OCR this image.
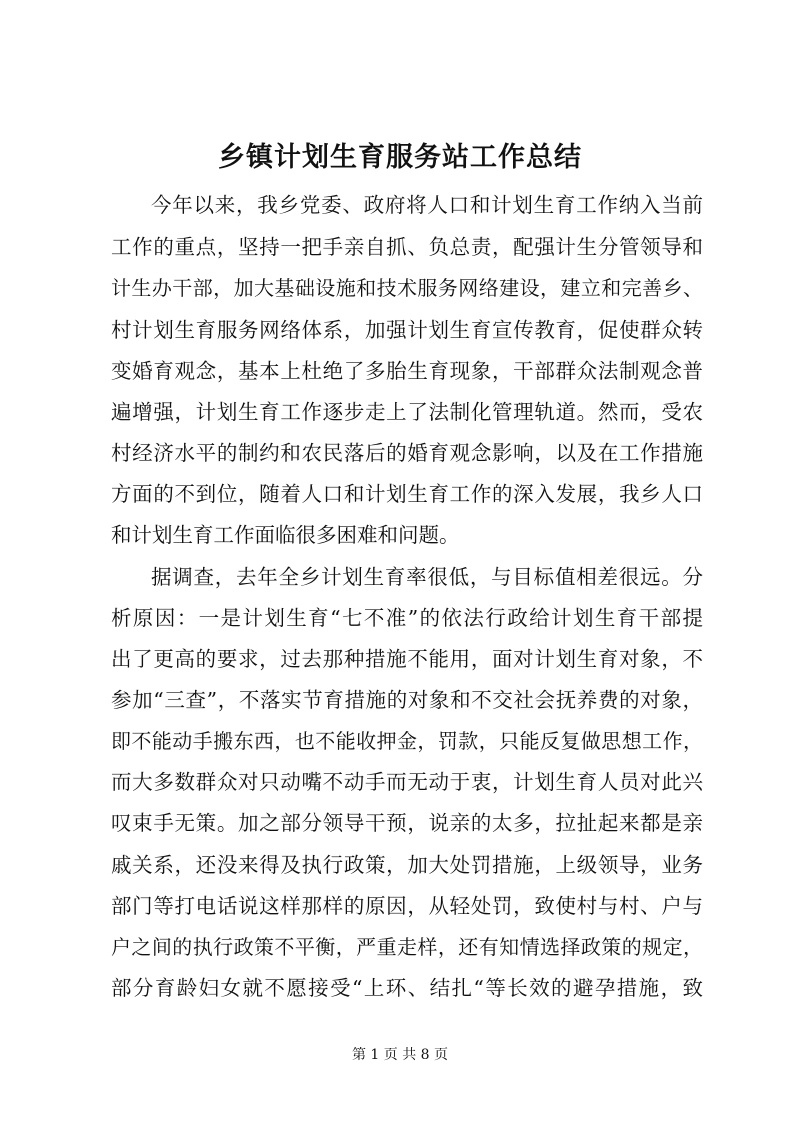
乡镇计划生育服务站工作总结

今年以来，我乡党委、政府将人口和计划生育工作纳入当前

工作的重点，坚持一把手亲自抓、负总责，配强计生分管领导和

计生办干部，加大基础设施和技术服务网络建设，建立和完善乡、

村计划生育服务网络体系，加强计划生育宣传教育，促使群众转

变婚育观念，基本上杜绝了多胎生育现象，干部群众法制观念普

遍增强，计划生育工作逐步走上了法制化管理轨道。然而，受农

村经济水平的制约和农民落后的婚育观念影响，以及在工作措施

方面的不到位，随着人口和计划生育工作的深入发展，我乡人口

和计划生育工作面临很多困难和问题。

据调查，去年全乡计划生育率很低，与目标值相差很远。分

析原因：一是计划生育“七不准”的依法行政给计划生育干部提

出了更高的要求，过去那种措施不能用，面对计划生育对象，不

参加“三查”，不落实节育措施的对象和不交社会抚养费的对象，

即不能动手搬东西，也不能收押金，罚款，只能反复做思想工作，

而大多数群众对只动嘴不动手而无动于衷，计划生育人员对此兴

叹束手无策。加之部分领导干预，说亲的太多，拉扯起来都是亲

戚关系，还没来得及执行政策，加大处罚措施，上级领导，业务

部门等打电话说这样那样的原因，从轻处罚，致使村与村、户与

户之间的执行政策不平衡，严重走样，还有知情选择政策的规定，

部分育龄妇女就不愿接受“上环、结扎“等长效的避孕措施，致

第 1 页 共 8 页
